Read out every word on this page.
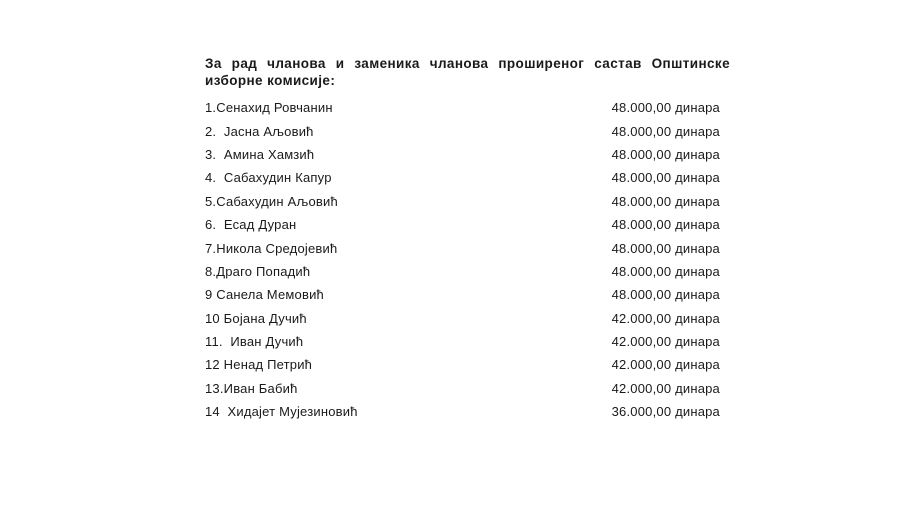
За рад чланова и заменика чланова проширеног састав Општинске изборне комисије:
1.Сенахид Ровчанин	48.000,00 динара
2.  Јасна Аљовић	48.000,00 динара
3.  Амина Хамзић	48.000,00 динара
4.  Сабахудин Капур	48.000,00 динара
5.Сабахудин Аљовић	48.000,00 динара
6.  Есад Дуран	48.000,00 динара
7.Никола Средојевић	48.000,00 динара
8.Драго Попадић	48.000,00 динара
9 Санела Мемовић	48.000,00 динара
10 Бојана Дучић	42.000,00 динара
11.  Иван Дучић	42.000,00 динара
12 Ненад Петрић	42.000,00 динара
13.Иван Бабић	42.000,00 динара
14  Хидајет Мујезиновић	36.000,00 динара
